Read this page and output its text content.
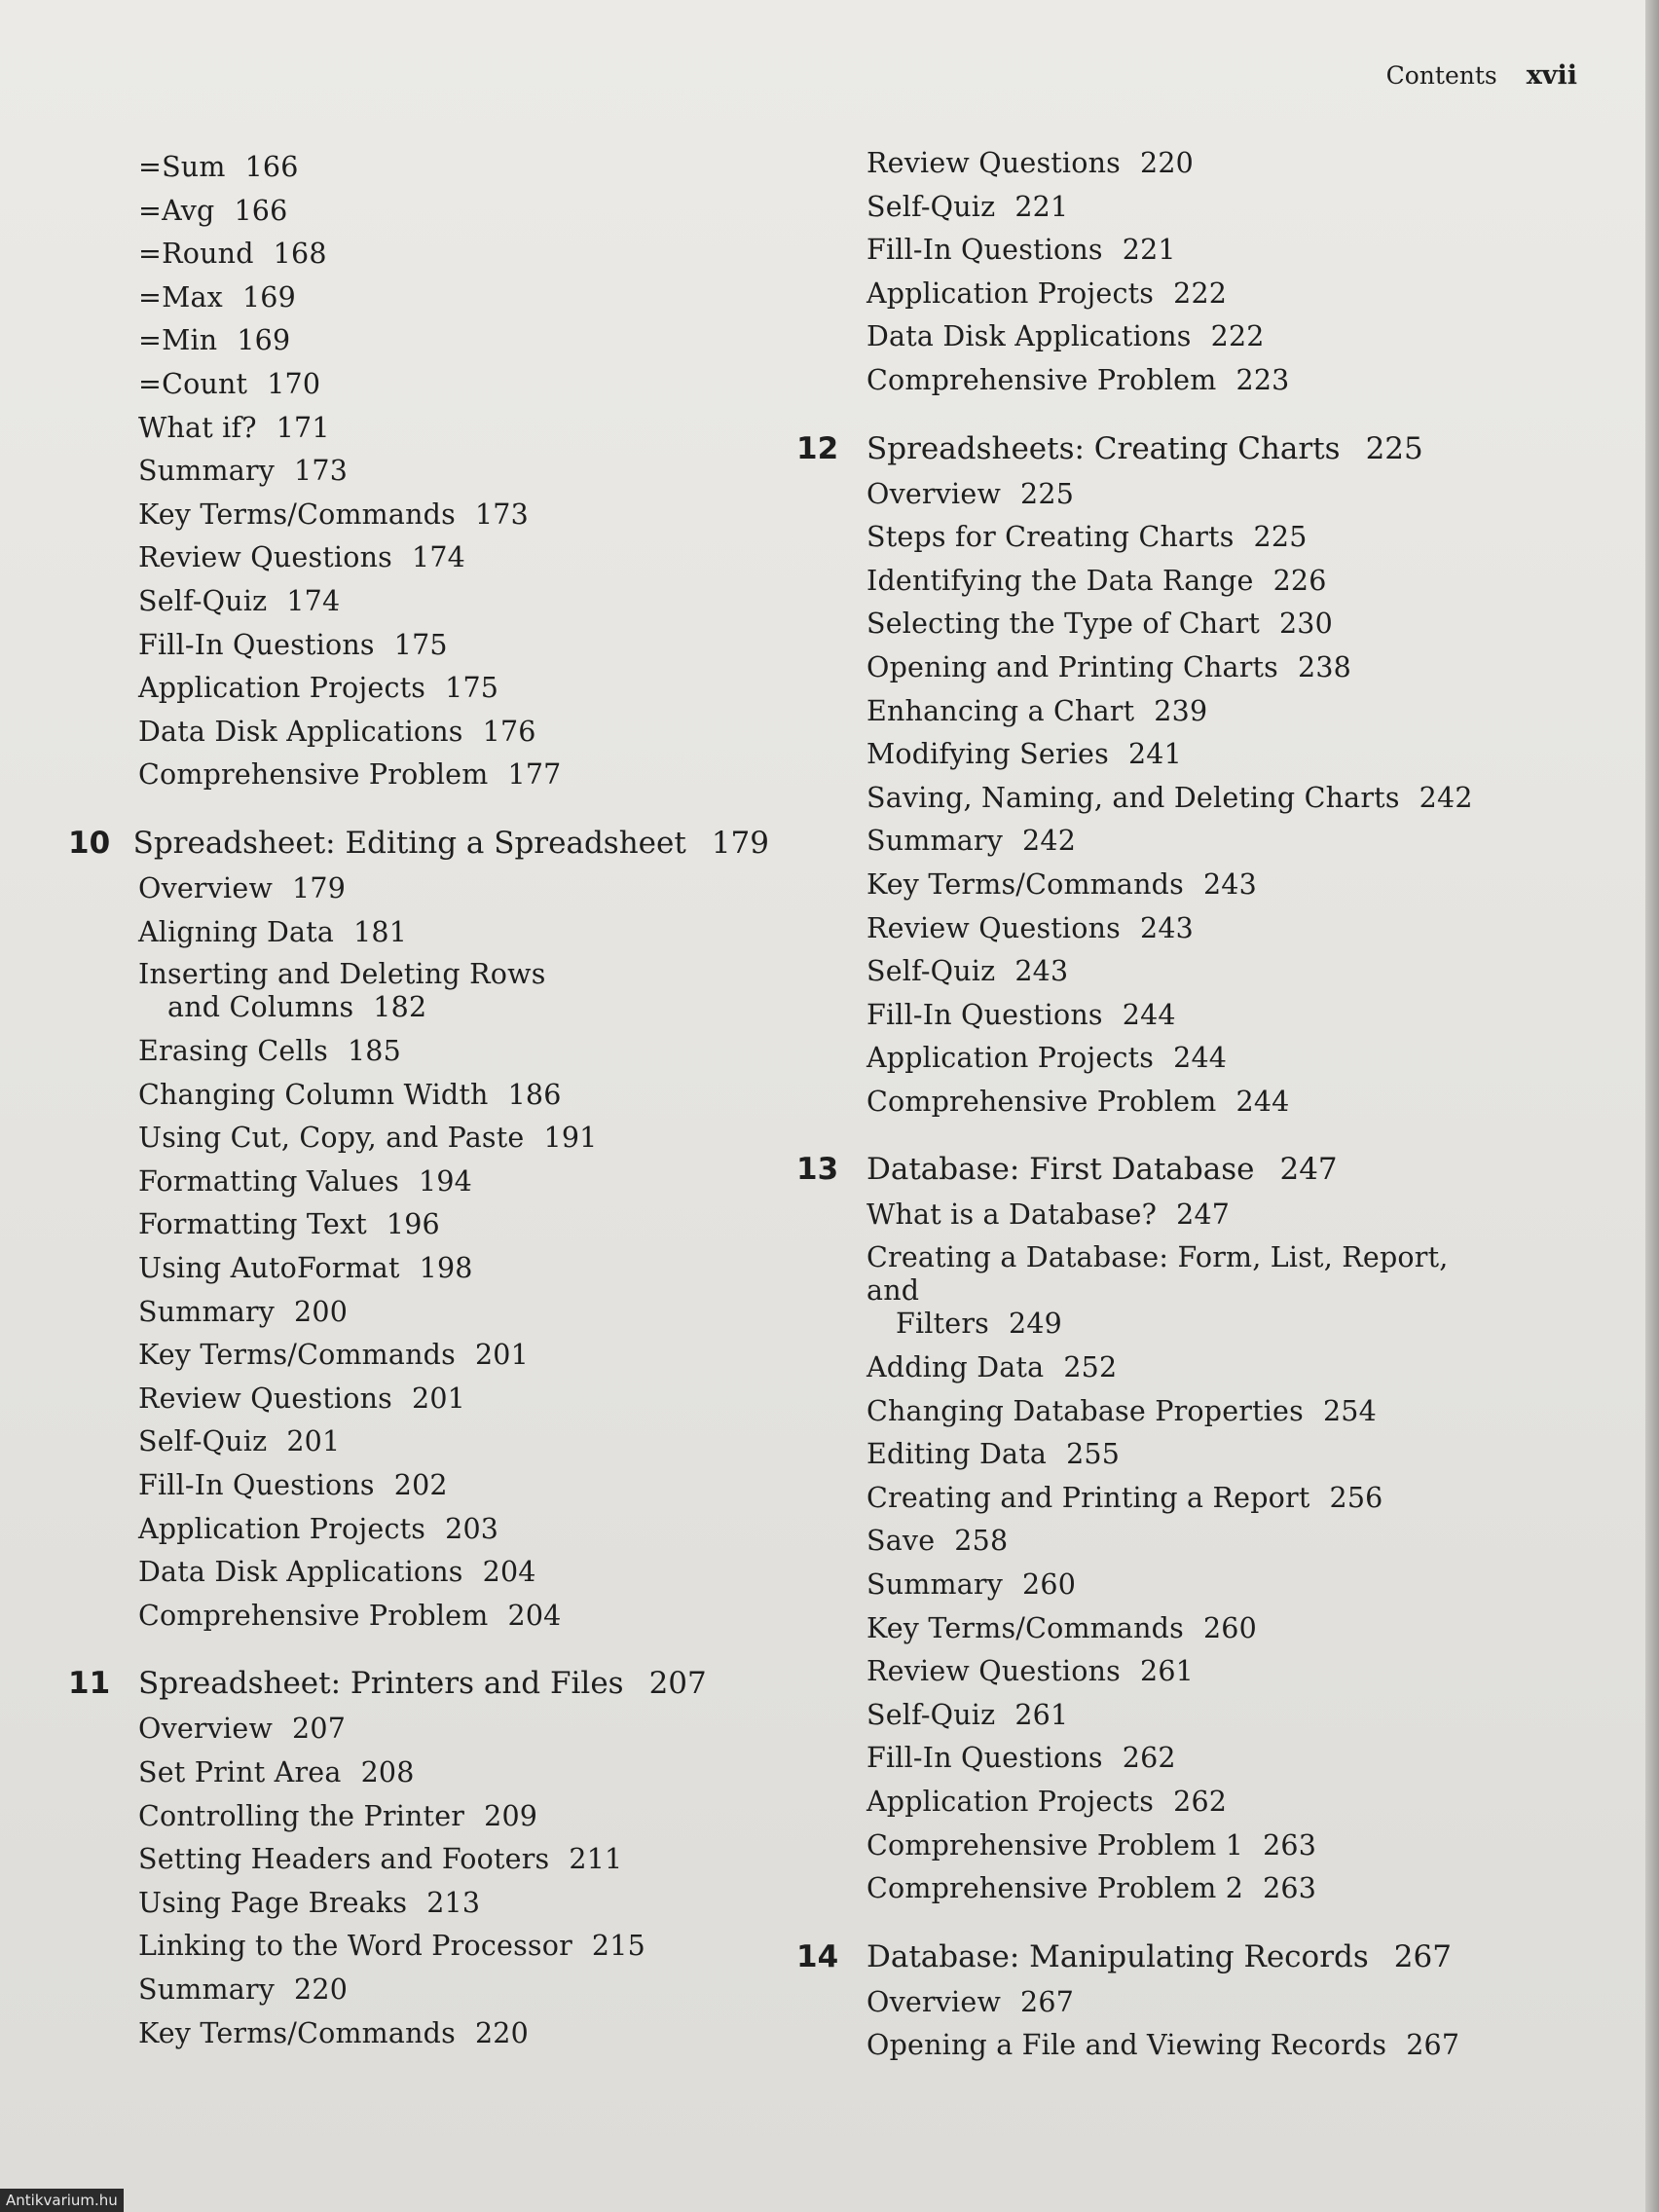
Contents xvii
=Sum 166
=Avg 166
=Round 168
=Max 169
=Min 169
=Count 170
What if? 171
Summary 173
Key Terms/Commands 173
Review Questions 174
Self-Quiz 174
Fill-In Questions 175
Application Projects 175
Data Disk Applications 176
Comprehensive Problem 177
10 Spreadsheet: Editing a Spreadsheet 179
Overview 179
Aligning Data 181
Inserting and Deleting Rows
and Columns 182
Erasing Cells 185
Changing Column Width 186
Using Cut, Copy, and Paste 191
Formatting Values 194
Formatting Text 196
Using AutoFormat 198
Summary 200
Key Terms/Commands 201
Review Questions 201
Self-Quiz 201
Fill-In Questions 202
Application Projects 203
Data Disk Applications 204
Comprehensive Problem 204
11 Spreadsheet: Printers and Files 207
Overview 207
Set Print Area 208
Controlling the Printer 209
Setting Headers and Footers 211
Using Page Breaks 213
Linking to the Word Processor 215
Summary 220
Key Terms/Commands 220
Review Questions 220
Self-Quiz 221
Fill-In Questions 221
Application Projects 222
Data Disk Applications 222
Comprehensive Problem 223
12 Spreadsheets: Creating Charts 225
Overview 225
Steps for Creating Charts 225
Identifying the Data Range 226
Selecting the Type of Chart 230
Opening and Printing Charts 238
Enhancing a Chart 239
Modifying Series 241
Saving, Naming, and Deleting Charts 242
Summary 242
Key Terms/Commands 243
Review Questions 243
Self-Quiz 243
Fill-In Questions 244
Application Projects 244
Comprehensive Problem 244
13 Database: First Database 247
What is a Database? 247
Creating a Database: Form, List, Report, and
Filters 249
Adding Data 252
Changing Database Properties 254
Editing Data 255
Creating and Printing a Report 256
Save 258
Summary 260
Key Terms/Commands 260
Review Questions 261
Self-Quiz 261
Fill-In Questions 262
Application Projects 262
Comprehensive Problem 1 263
Comprehensive Problem 2 263
14 Database: Manipulating Records 267
Overview 267
Opening a File and Viewing Records 267
Antikvarium.hu
